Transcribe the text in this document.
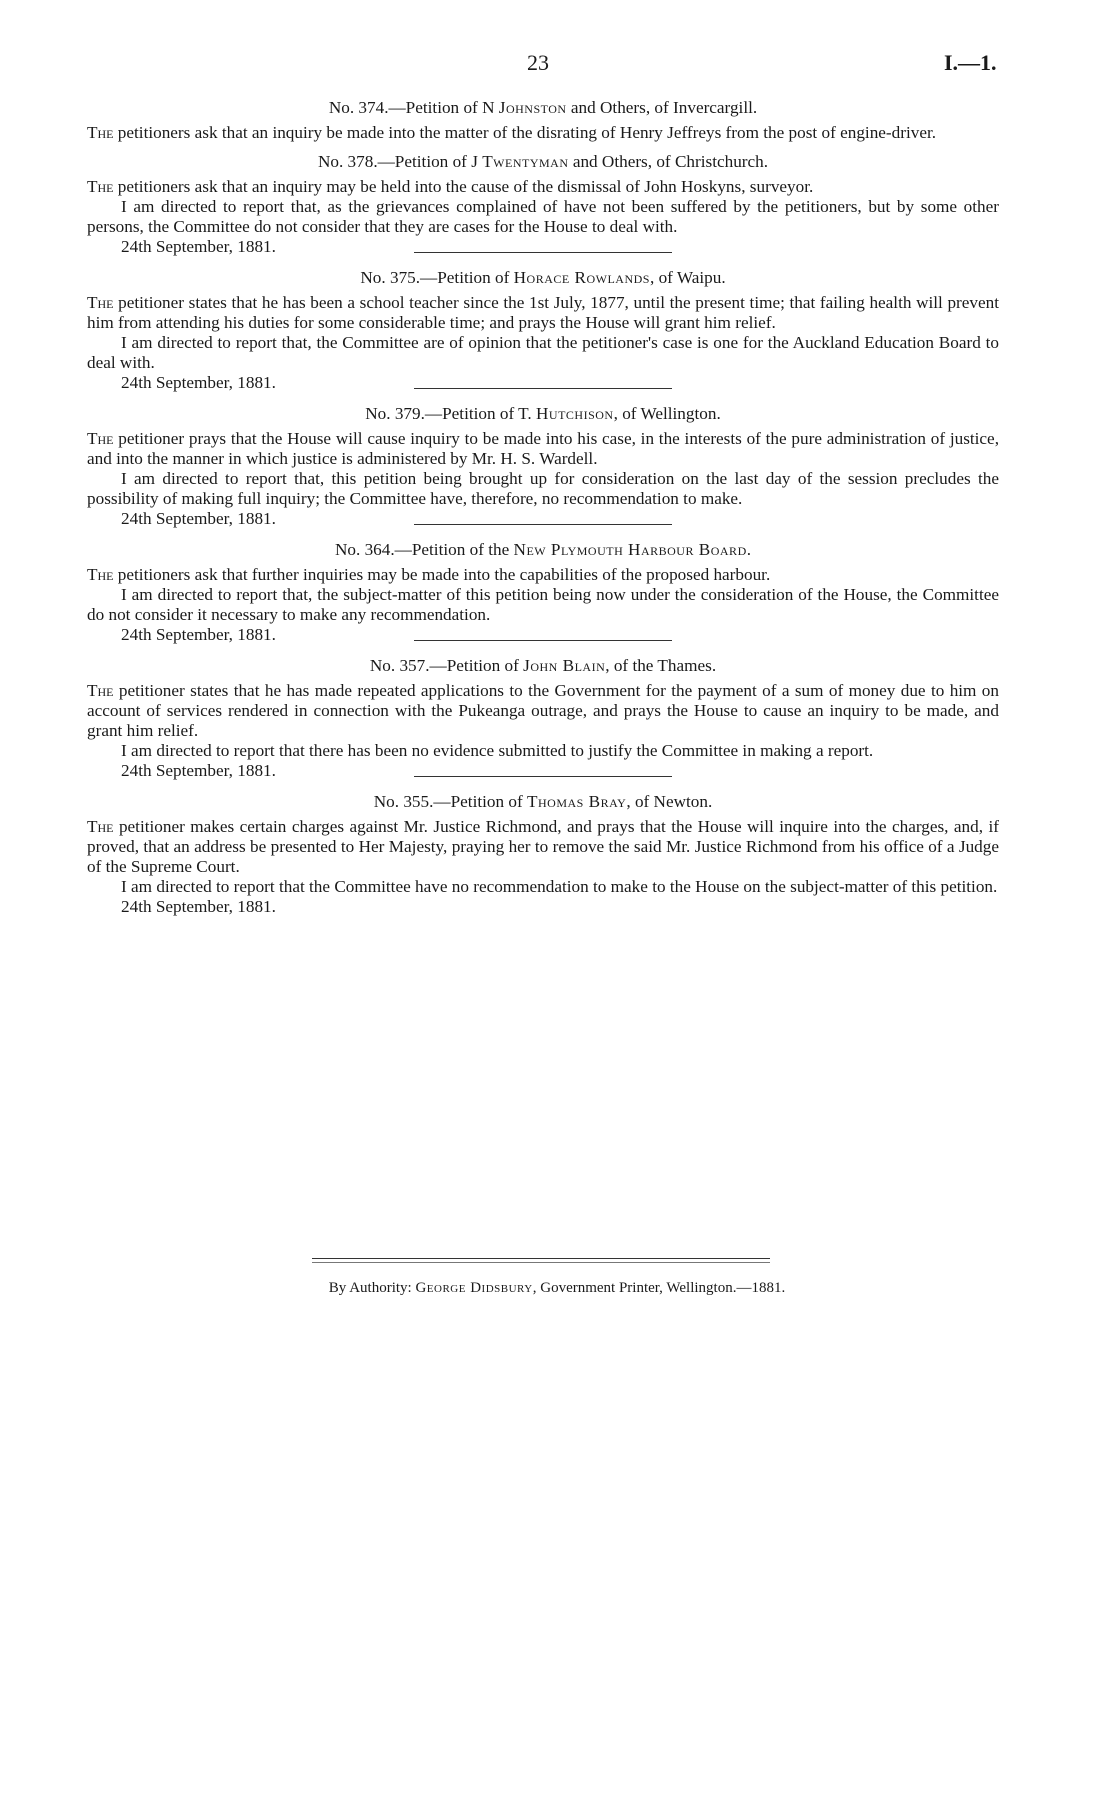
23	I.—1.

No. 374.—Petition of N Johnston and Others, of Invercargill.

The petitioners ask that an inquiry be made into the matter of the disrating of Henry Jeffreys from the post of engine-driver.

No. 378.—Petition of J Twentyman and Others, of Christchurch.

The petitioners ask that an inquiry may be held into the cause of the dismissal of John Hoskyns, surveyor.

I am directed to report that, as the grievances complained of have not been suffered by the petitioners, but by some other persons, the Committee do not consider that they are cases for the House to deal with.

24th September, 1881.

No. 375.—Petition of Horace Rowlands, of Waipu.

The petitioner states that he has been a school teacher since the 1st July, 1877, until the present time; that failing health will prevent him from attending his duties for some considerable time; and prays the House will grant him relief.

I am directed to report that, the Committee are of opinion that the petitioner's case is one for the Auckland Education Board to deal with.

24th September, 1881.

No. 379.—Petition of T. Hutchison, of Wellington.

The petitioner prays that the House will cause inquiry to be made into his case, in the interests of the pure administration of justice, and into the manner in which justice is administered by Mr. H. S. Wardell.

I am directed to report that, this petition being brought up for consideration on the last day of the session precludes the possibility of making full inquiry; the Committee have, therefore, no recommendation to make.

24th September, 1881.

No. 364.—Petition of the New Plymouth Harbour Board.

The petitioners ask that further inquiries may be made into the capabilities of the proposed harbour.

I am directed to report that, the subject-matter of this petition being now under the consideration of the House, the Committee do not consider it necessary to make any recommendation.

24th September, 1881.

No. 357.—Petition of John Blain, of the Thames.

The petitioner states that he has made repeated applications to the Government for the payment of a sum of money due to him on account of services rendered in connection with the Pukeanga outrage, and prays the House to cause an inquiry to be made, and grant him relief.

I am directed to report that there has been no evidence submitted to justify the Committee in making a report.

24th September, 1881.

No. 355.—Petition of Thomas Bray, of Newton.

The petitioner makes certain charges against Mr. Justice Richmond, and prays that the House will inquire into the charges, and, if proved, that an address be presented to Her Majesty, praying her to remove the said Mr. Justice Richmond from his office of a Judge of the Supreme Court.

I am directed to report that the Committee have no recommendation to make to the House on the subject-matter of this petition.

24th September, 1881.

By Authority: George Didsbury, Government Printer, Wellington.—1881.
